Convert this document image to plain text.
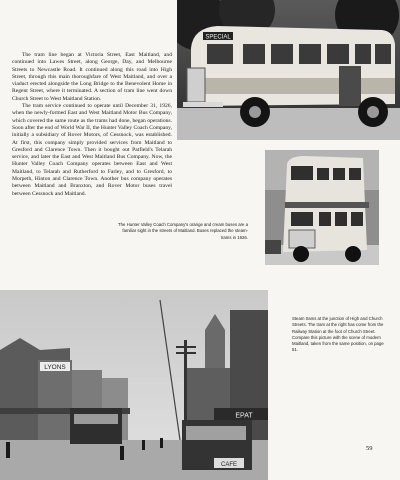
The tram line began at Victoria Street, East Maitland, and continued into Lawes Street, along George, Day, and Melbourne Streets to Newcastle Road. It continued along this road into High Street, through this main thoroughfare of West Maitland, and over a viaduct erected alongside the Long Bridge to the Benevolent Home in Regent Street, where it terminated. A section of tram line went down Church Street to West Maitland Station.

The tram service continued to operate until December 31, 1926, when the newly-formed East and West Maitland Motor Bus Company, which covered the same route as the trams had done, began operations. Soon after the end of World War II, the Hunter Valley Coach Company, initially a subsidiary of Rover Motors, of Cessnock, was established. At first, this company simply provided services from Maitland to Gresford and Clarence Town. Then it bought out Patfield's Telarah service, and later the East and West Maitland Bus Company. Now, the Hunter Valley Coach Company operates between East and West Maitland, to Telarah and Rutherford to Farley, and to Gresford, to Morpeth, Hinton and Clarence Town. Another bus company operates between Maitland and Branxton, and Rover Motor buses travel between Cessnock and Maitland.

SPECIAL
LYONS
EPAT
CAFE
The Hunter Valley Coach Company's orange and cream buses are a familiar sight in the streets of Maitland. Buses replaced the steam-trams in 1926.
Steam trams at the junction of High and Church Streets. The tram at the right has come from the Railway Station at the foot of Church Street. Compare this picture with the scene of modern Maitland, taken from the same position, on page 51.
59
